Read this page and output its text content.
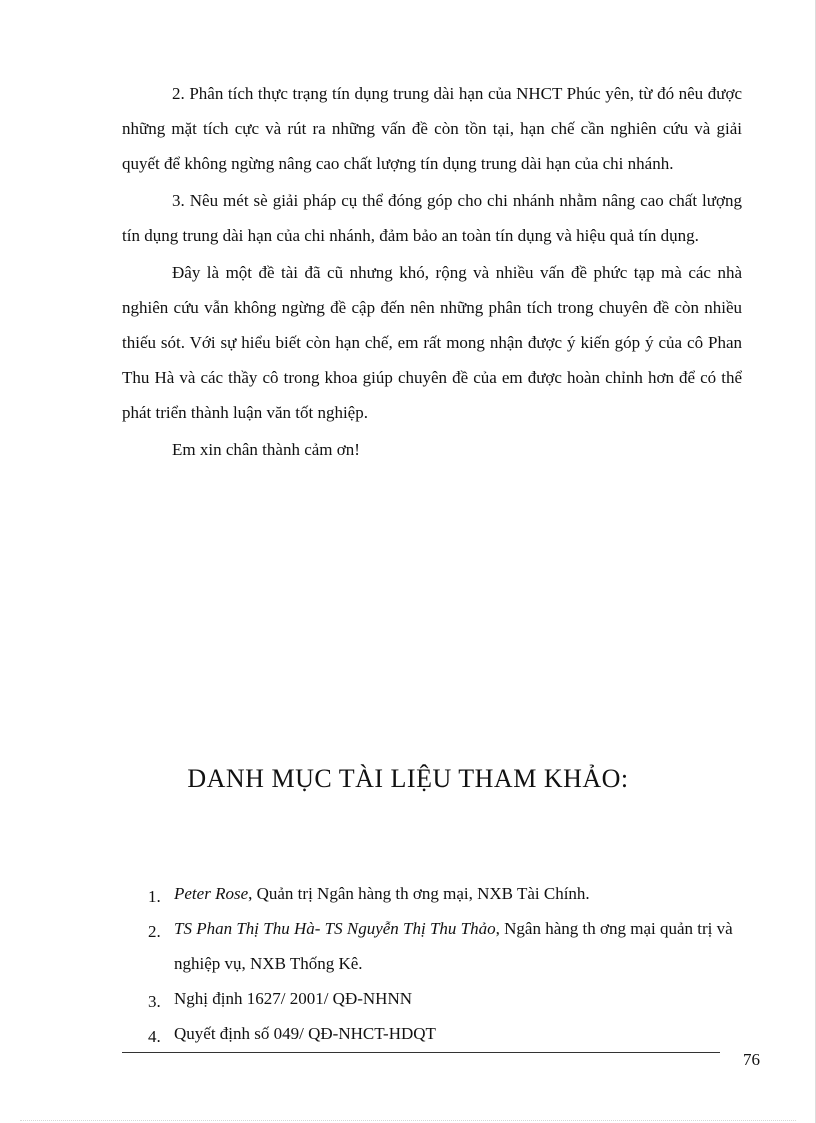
2. Phân tích thực trạng tín dụng trung dài hạn của NHCT Phúc yên, từ đó nêu được những mặt tích cực và rút ra những vấn đề còn tồn tại, hạn chế cần nghiên cứu và giải quyết để không ngừng nâng cao chất lượng tín dụng trung dài hạn của chi nhánh.

3. Nêu mét sè giải pháp cụ thể đóng góp cho chi nhánh nhằm nâng cao chất lượng tín dụng trung dài hạn của chi nhánh, đảm bảo an toàn tín dụng và hiệu quả tín dụng.

Đây là một đề tài đã cũ nhưng khó, rộng và nhiều vấn đề phức tạp mà các nhà nghiên cứu vẫn không ngừng đề cập đến nên những phân tích trong chuyên đề còn nhiều thiếu sót. Với sự hiểu biết còn hạn chế, em rất mong nhận được ý kiến góp ý của cô Phan Thu Hà và các thầy cô trong khoa giúp chuyên đề của em được hoàn chỉnh hơn để có thể phát triển thành luận văn tốt nghiệp.

Em xin chân thành cảm ơn!

DANH MỤC TÀI LIỆU THAM KHẢO:
1. Peter Rose, Quản trị Ngân hàng th ơng mại, NXB Tài Chính.
2. TS Phan Thị Thu Hà- TS Nguyễn Thị Thu Thảo, Ngân hàng th ơng mại quản trị và nghiệp vụ, NXB Thống Kê.
3. Nghị định 1627/ 2001/ QĐ-NHNN
4. Quyết định số 049/ QĐ-NHCT-HDQT
76
